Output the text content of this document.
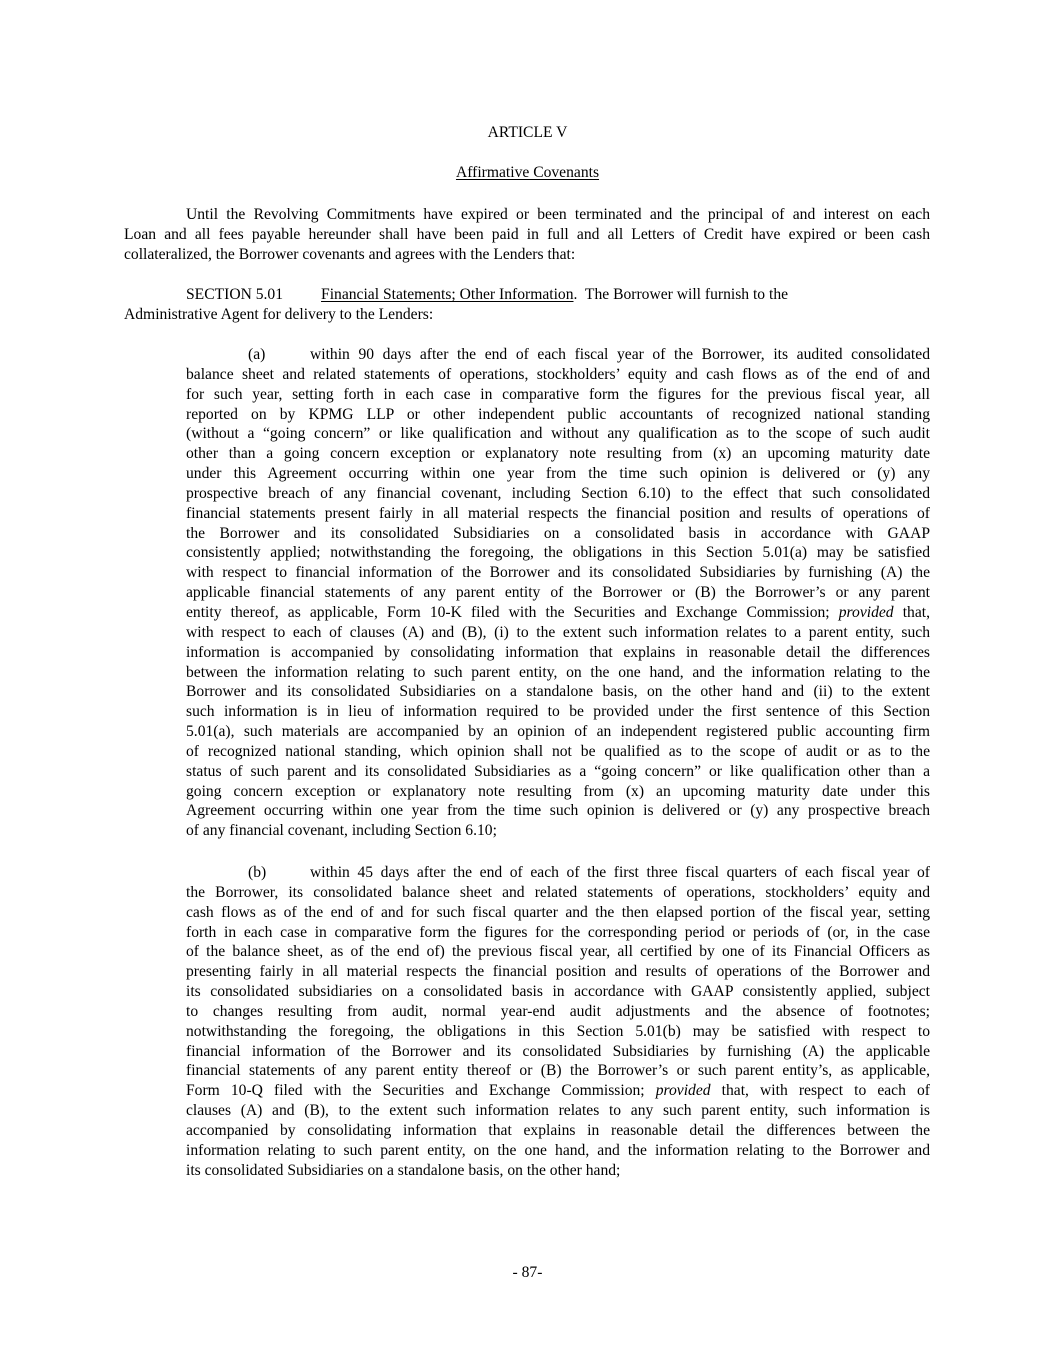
ARTICLE V
Affirmative Covenants
Until the Revolving Commitments have expired or been terminated and the principal of and interest on each
Loan and all fees payable hereunder shall have been paid in full and all Letters of Credit have expired or been cash
collateralized, the Borrower covenants and agrees with the Lenders that:
SECTION 5.01 Financial Statements; Other Information.  The Borrower will furnish to the
Administrative Agent for delivery to the Lenders:
(a)	within 90 days after the end of each fiscal year of the Borrower, its audited consolidated
balance sheet and related statements of operations, stockholders’ equity and cash flows as of the end of and
for such year, setting forth in each case in comparative form the figures for the previous fiscal year, all
reported on by KPMG LLP or other independent public accountants of recognized national standing
(without a “going concern” or like qualification and without any qualification as to the scope of such audit
other than a going concern exception or explanatory note resulting from (x) an upcoming maturity date
under this Agreement occurring within one year from the time such opinion is delivered or (y) any
prospective breach of any financial covenant, including Section 6.10) to the effect that such consolidated
financial statements present fairly in all material respects the financial position and results of operations of
the Borrower and its consolidated Subsidiaries on a consolidated basis in accordance with GAAP
consistently applied; notwithstanding the foregoing, the obligations in this Section 5.01(a) may be satisfied
with respect to financial information of the Borrower and its consolidated Subsidiaries by furnishing (A) the
applicable financial statements of any parent entity of the Borrower or (B) the Borrower’s or any parent
entity thereof, as applicable, Form 10-K filed with the Securities and Exchange Commission; provided that,
with respect to each of clauses (A) and (B), (i) to the extent such information relates to a parent entity, such
information is accompanied by consolidating information that explains in reasonable detail the differences
between the information relating to such parent entity, on the one hand, and the information relating to the
Borrower and its consolidated Subsidiaries on a standalone basis, on the other hand and (ii) to the extent
such information is in lieu of information required to be provided under the first sentence of this Section
5.01(a), such materials are accompanied by an opinion of an independent registered public accounting firm
of recognized national standing, which opinion shall not be qualified as to the scope of audit or as to the
status of such parent and its consolidated Subsidiaries as a “going concern” or like qualification other than a
going concern exception or explanatory note resulting from (x) an upcoming maturity date under this
Agreement occurring within one year from the time such opinion is delivered or (y) any prospective breach
of any financial covenant, including Section 6.10;
(b)	within 45 days after the end of each of the first three fiscal quarters of each fiscal year of
the Borrower, its consolidated balance sheet and related statements of operations, stockholders’ equity and
cash flows as of the end of and for such fiscal quarter and the then elapsed portion of the fiscal year, setting
forth in each case in comparative form the figures for the corresponding period or periods of (or, in the case
of the balance sheet, as of the end of) the previous fiscal year, all certified by one of its Financial Officers as
presenting fairly in all material respects the financial position and results of operations of the Borrower and
its consolidated subsidiaries on a consolidated basis in accordance with GAAP consistently applied, subject
to changes resulting from audit, normal year-end audit adjustments and the absence of footnotes;
notwithstanding the foregoing, the obligations in this Section 5.01(b) may be satisfied with respect to
financial information of the Borrower and its consolidated Subsidiaries by furnishing (A) the applicable
financial statements of any parent entity thereof or (B) the Borrower’s or such parent entity’s, as applicable,
Form 10-Q filed with the Securities and Exchange Commission; provided that, with respect to each of
clauses (A) and (B), to the extent such information relates to any such parent entity, such information is
accompanied by consolidating information that explains in reasonable detail the differences between the
information relating to such parent entity, on the one hand, and the information relating to the Borrower and
its consolidated Subsidiaries on a standalone basis, on the other hand;
- 87-
